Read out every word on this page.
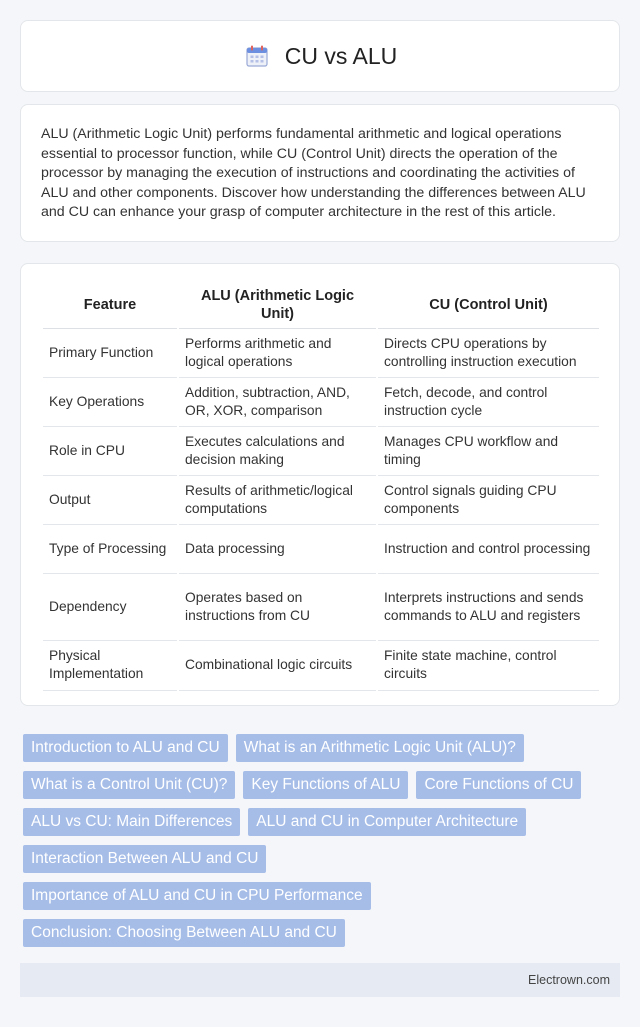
CU vs ALU

ALU (Arithmetic Logic Unit) performs fundamental arithmetic and logical operations essential to processor function, while CU (Control Unit) directs the operation of the processor by managing the execution of instructions and coordinating the activities of ALU and other components. Discover how understanding the differences between ALU and CU can enhance your grasp of computer architecture in the rest of this article.

Feature	ALU (Arithmetic Logic Unit)	CU (Control Unit)
Primary Function	Performs arithmetic and logical operations	Directs CPU operations by controlling instruction execution
Key Operations	Addition, subtraction, AND, OR, XOR, comparison	Fetch, decode, and control instruction cycle
Role in CPU	Executes calculations and decision making	Manages CPU workflow and timing
Output	Results of arithmetic/logical computations	Control signals guiding CPU components
Type of Processing	Data processing	Instruction and control processing
Dependency	Operates based on instructions from CU	Interprets instructions and sends commands to ALU and registers
Physical Implementation	Combinational logic circuits	Finite state machine, control circuits
Introduction to ALU and CU	What is an Arithmetic Logic Unit (ALU)?
What is a Control Unit (CU)?	Key Functions of ALU	Core Functions of CU
ALU vs CU: Main Differences	ALU and CU in Computer Architecture
Interaction Between ALU and CU
Importance of ALU and CU in CPU Performance
Conclusion: Choosing Between ALU and CU
Electrown.com
